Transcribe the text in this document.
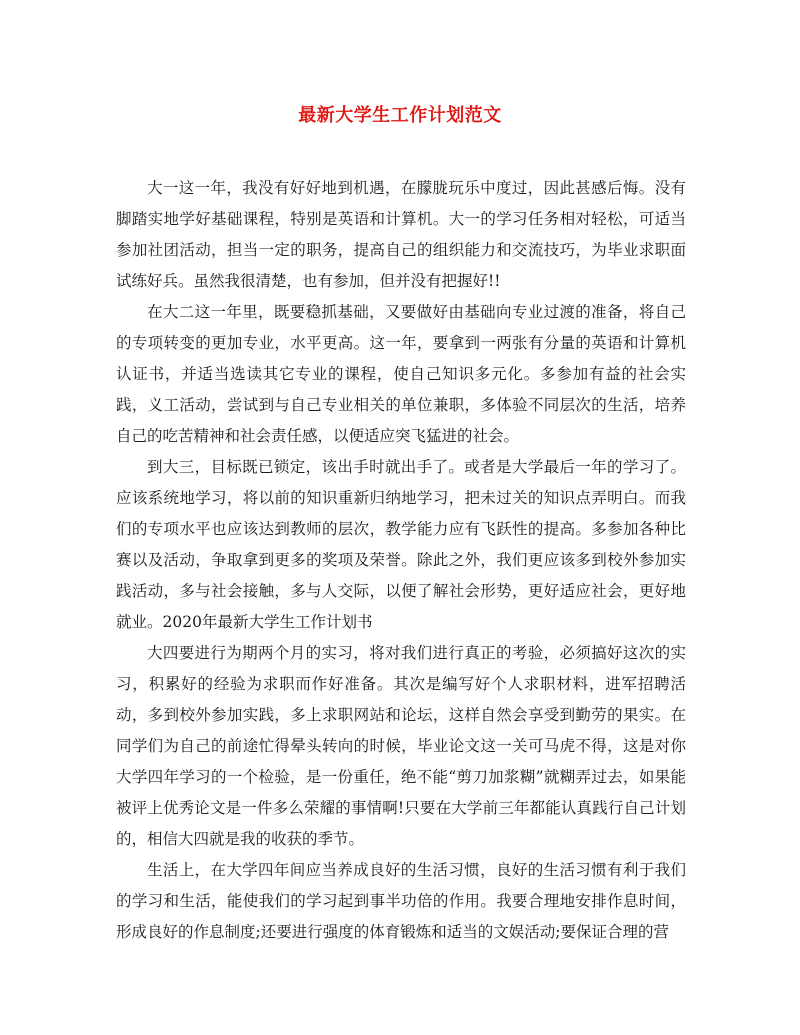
最新大学生工作计划范文

大一这一年，我没有好好地到机遇，在朦胧玩乐中度过，因此甚感后悔。没有脚踏实地学好基础课程，特别是英语和计算机。大一的学习任务相对轻松，可适当参加社团活动，担当一定的职务，提高自己的组织能力和交流技巧，为毕业求职面试练好兵。虽然我很清楚，也有参加，但并没有把握好!!

在大二这一年里，既要稳抓基础，又要做好由基础向专业过渡的准备，将自己的专项转变的更加专业，水平更高。这一年，要拿到一两张有分量的英语和计算机认证书，并适当选读其它专业的课程，使自己知识多元化。多参加有益的社会实践，义工活动，尝试到与自己专业相关的单位兼职，多体验不同层次的生活，培养自己的吃苦精神和社会责任感，以便适应突飞猛进的社会。

到大三，目标既已锁定，该出手时就出手了。或者是大学最后一年的学习了。应该系统地学习，将以前的知识重新归纳地学习，把未过关的知识点弄明白。而我们的专项水平也应该达到教师的层次，教学能力应有飞跃性的提高。多参加各种比赛以及活动，争取拿到更多的奖项及荣誉。除此之外，我们更应该多到校外参加实践活动，多与社会接触，多与人交际，以便了解社会形势，更好适应社会，更好地就业。2020年最新大学生工作计划书

大四要进行为期两个月的实习，将对我们进行真正的考验，必须搞好这次的实习，积累好的经验为求职而作好准备。其次是编写好个人求职材料，进军招聘活动，多到校外参加实践，多上求职网站和论坛，这样自然会享受到勤劳的果实。在同学们为自己的前途忙得晕头转向的时候，毕业论文这一关可马虎不得，这是对你大学四年学习的一个检验，是一份重任，绝不能“剪刀加浆糊”就糊弄过去，如果能被评上优秀论文是一件多么荣耀的事情啊!只要在大学前三年都能认真践行自己计划的，相信大四就是我的收获的季节。

生活上，在大学四年间应当养成良好的生活习惯，良好的生活习惯有利于我们的学习和生活，能使我们的学习起到事半功倍的作用。我要合理地安排作息时间，形成良好的作息制度;还要进行强度的体育锻炼和适当的文娱活动;要保证合理的营
